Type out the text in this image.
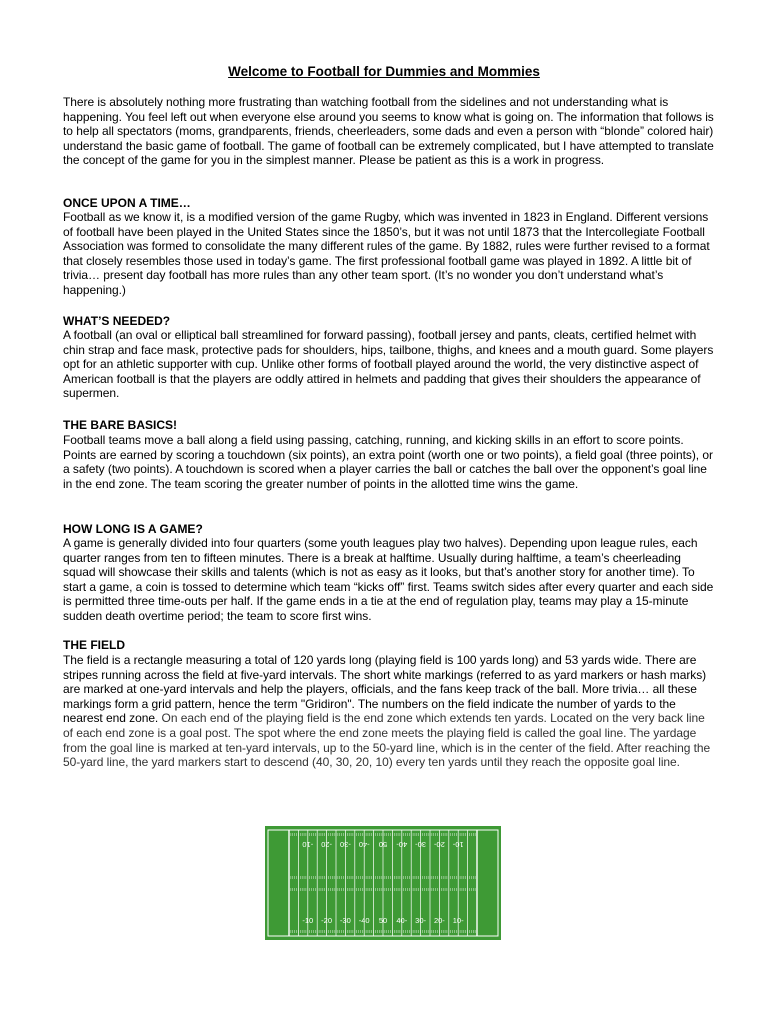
Welcome to Football for Dummies and Mommies

There is absolutely nothing more frustrating than watching football from the sidelines and not understanding what is happening. You feel left out when everyone else around you seems to know what is going on. The information that follows is to help all spectators (moms, grandparents, friends, cheerleaders, some dads and even a person with “blonde” colored hair) understand the basic game of football. The game of football can be extremely complicated, but I have attempted to translate the concept of the game for you in the simplest manner. Please be patient as this is a work in progress.

ONCE UPON A TIME…

Football as we know it, is a modified version of the game Rugby, which was invented in 1823 in England. Different versions of football have been played in the United States since the 1850’s, but it was not until 1873 that the Intercollegiate Football Association was formed to consolidate the many different rules of the game. By 1882, rules were further revised to a format that closely resembles those used in today’s game. The first professional football game was played in 1892. A little bit of trivia… present day football has more rules than any other team sport. (It’s no wonder you don’t understand what’s happening.)

WHAT’S NEEDED?

A football (an oval or elliptical ball streamlined for forward passing), football jersey and pants, cleats, certified helmet with chin strap and face mask, protective pads for shoulders, hips, tailbone, thighs, and knees and a mouth guard. Some players opt for an athletic supporter with cup. Unlike other forms of football played around the world, the very distinctive aspect of American football is that the players are oddly attired in helmets and padding that gives their shoulders the appearance of supermen.

THE BARE BASICS!

Football teams move a ball along a field using passing, catching, running, and kicking skills in an effort to score points. Points are earned by scoring a touchdown (six points), an extra point (worth one or two points), a field goal (three points), or a safety (two points). A touchdown is scored when a player carries the ball or catches the ball over the opponent’s goal line in the end zone. The team scoring the greater number of points in the allotted time wins the game.

HOW LONG IS A GAME?

A game is generally divided into four quarters (some youth leagues play two halves). Depending upon league rules, each quarter ranges from ten to fifteen minutes. There is a break at halftime. Usually during halftime, a team’s cheerleading squad will showcase their skills and talents (which is not as easy as it looks, but that’s another story for another time). To start a game, a coin is tossed to determine which team “kicks off” first. Teams switch sides after every quarter and each side is permitted three time-outs per half. If the game ends in a tie at the end of regulation play, teams may play a 15-minute sudden death overtime period; the team to score first wins.

THE FIELD

The field is a rectangle measuring a total of 120 yards long (playing field is 100 yards long) and 53 yards wide. There are stripes running across the field at five-yard intervals. The short white markings (referred to as yard markers or hash marks) are marked at one-yard intervals and help the players, officials, and the fans keep track of the ball. More trivia… all these markings form a grid pattern, hence the term "Gridiron". The numbers on the field indicate the number of yards to the nearest end zone. On each end of the playing field is the end zone which extends ten yards. Located on the very back line of each end zone is a goal post. The spot where the end zone meets the playing field is called the goal line. The yardage from the goal line is marked at ten-yard intervals, up to the 50-yard line, which is in the center of the field. After reaching the 50-yard line, the yard markers start to descend (40, 30, 20, 10) every ten yards until they reach the opposite goal line.

-10 -20 -30 -40 50 40- 30- 20- 10-
-10 -20 -30 -40 50 40- 30- 20- 10-
